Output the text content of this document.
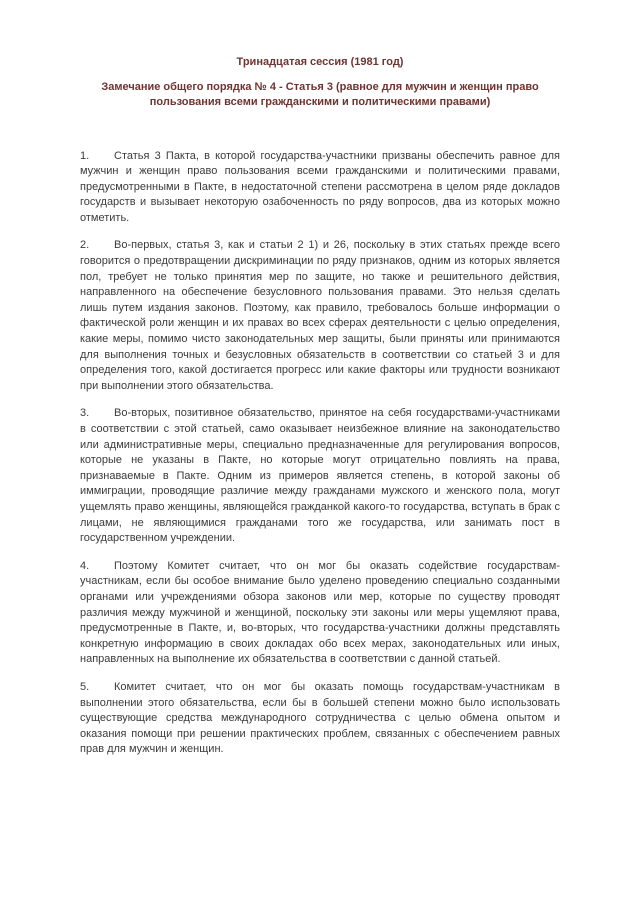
Тринадцатая сессия (1981 год)
Замечание общего порядка № 4 - Статья 3 (равное для мужчин и женщин право пользования всеми гражданскими и политическими правами)

1. Статья 3 Пакта, в которой государства-участники призваны обеспечить равное для мужчин и женщин право пользования всеми гражданскими и политическими правами, предусмотренными в Пакте, в недостаточной степени рассмотрена в целом ряде докладов государств и вызывает некоторую озабоченность по ряду вопросов, два из которых можно отметить.

2. Во-первых, статья 3, как и статьи 2 1) и 26, поскольку в этих статьях прежде всего говорится о предотвращении дискриминации по ряду признаков, одним из которых является пол, требует не только принятия мер по защите, но также и решительного действия, направленного на обеспечение безусловного пользования правами. Это нельзя сделать лишь путем издания законов. Поэтому, как правило, требовалось больше информации о фактической роли женщин и их правах во всех сферах деятельности с целью определения, какие меры, помимо чисто законодательных мер защиты, были приняты или принимаются для выполнения точных и безусловных обязательств в соответствии со статьей 3 и для определения того, какой достигается прогресс или какие факторы или трудности возникают при выполнении этого обязательства.

3. Во-вторых, позитивное обязательство, принятое на себя государствами-участниками в соответствии с этой статьей, само оказывает неизбежное влияние на законодательство или административные меры, специально предназначенные для регулирования вопросов, которые не указаны в Пакте, но которые могут отрицательно повлиять на права, признаваемые в Пакте. Одним из примеров является степень, в которой законы об иммиграции, проводящие различие между гражданами мужского и женского пола, могут ущемлять право женщины, являющейся гражданкой какого-то государства, вступать в брак с лицами, не являющимися гражданами того же государства, или занимать пост в государственном учреждении.

4. Поэтому Комитет считает, что он мог бы оказать содействие государствам-участникам, если бы особое внимание было уделено проведению специально созданными органами или учреждениями обзора законов или мер, которые по существу проводят различия между мужчиной и женщиной, поскольку эти законы или меры ущемляют права, предусмотренные в Пакте, и, во-вторых, что государства-участники должны представлять конкретную информацию в своих докладах обо всех мерах, законодательных или иных, направленных на выполнение их обязательства в соответствии с данной статьей.

5. Комитет считает, что он мог бы оказать помощь государствам-участникам в выполнении этого обязательства, если бы в большей степени можно было использовать существующие средства международного сотрудничества с целью обмена опытом и оказания помощи при решении практических проблем, связанных с обеспечением равных прав для мужчин и женщин.
